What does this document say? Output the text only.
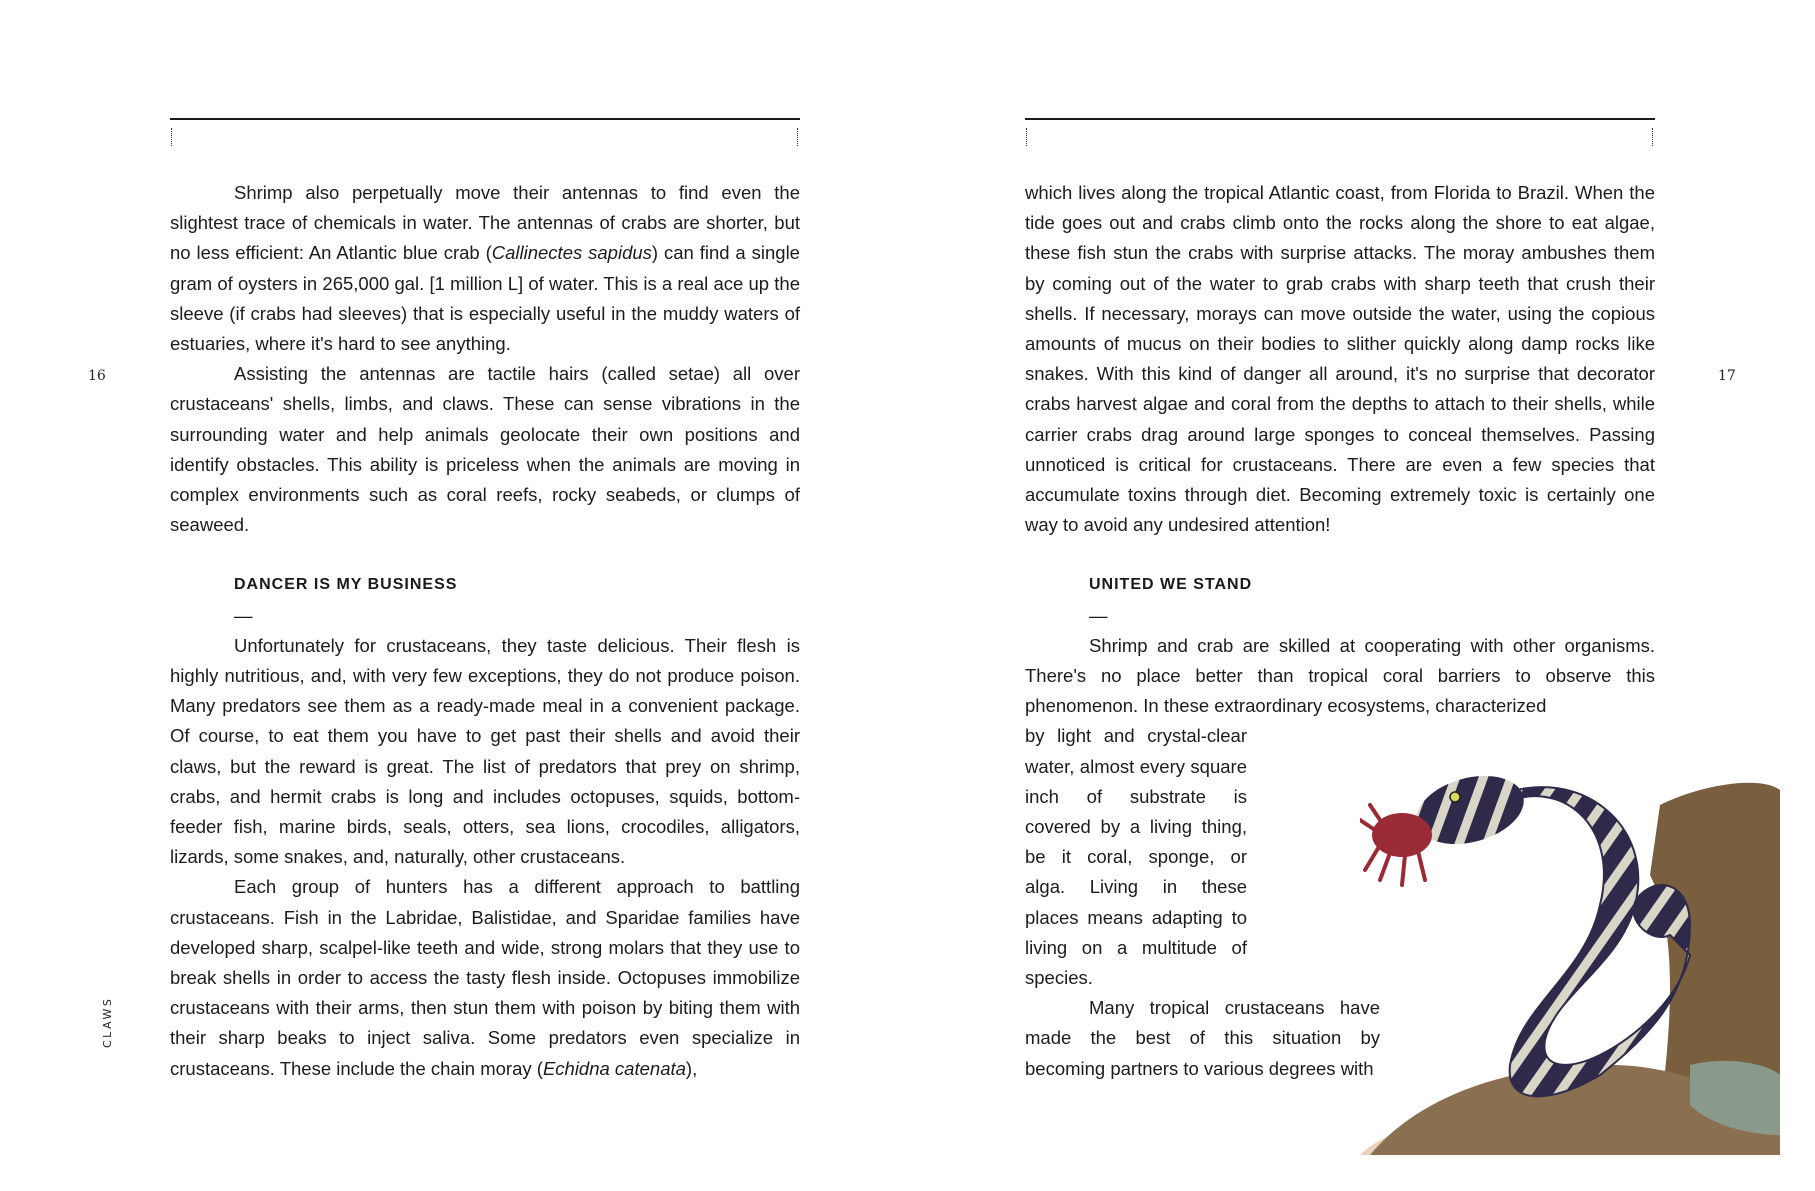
16
CLAWS

Shrimp also perpetually move their antennas to find even the slightest trace of chemicals in water. The antennas of crabs are shorter, but no less efficient: An Atlantic blue crab (Callinectes sapidus) can find a single gram of oysters in 265,000 gal. [1 million L] of water. This is a real ace up the sleeve (if crabs had sleeves) that is especially useful in the muddy waters of estuaries, where it's hard to see anything.

Assisting the antennas are tactile hairs (called setae) all over crustaceans' shells, limbs, and claws. These can sense vibrations in the surrounding water and help animals geolocate their own positions and identify obstacles. This ability is priceless when the animals are moving in complex environments such as coral reefs, rocky seabeds, or clumps of seaweed.

DANCER IS MY BUSINESS
—

Unfortunately for crustaceans, they taste delicious. Their flesh is highly nutritious, and, with very few exceptions, they do not produce poison. Many predators see them as a ready-made meal in a convenient package. Of course, to eat them you have to get past their shells and avoid their claws, but the reward is great. The list of predators that prey on shrimp, crabs, and hermit crabs is long and includes octopuses, squids, bottom-feeder fish, marine birds, seals, otters, sea lions, crocodiles, alligators, lizards, some snakes, and, naturally, other crustaceans.

Each group of hunters has a different approach to battling crustaceans. Fish in the Labridae, Balistidae, and Sparidae families have developed sharp, scalpel-like teeth and wide, strong molars that they use to break shells in order to access the tasty flesh inside. Octopuses immobilize crustaceans with their arms, then stun them with poison by biting them with their sharp beaks to inject saliva. Some predators even specialize in crustaceans. These include the chain moray (Echidna catenata),

17

which lives along the tropical Atlantic coast, from Florida to Brazil. When the tide goes out and crabs climb onto the rocks along the shore to eat algae, these fish stun the crabs with surprise attacks. The moray ambushes them by coming out of the water to grab crabs with sharp teeth that crush their shells. If necessary, morays can move outside the water, using the copious amounts of mucus on their bodies to slither quickly along damp rocks like snakes. With this kind of danger all around, it's no surprise that decorator crabs harvest algae and coral from the depths to attach to their shells, while carrier crabs drag around large sponges to conceal themselves. Passing unnoticed is critical for crustaceans. There are even a few species that accumulate toxins through diet. Becoming extremely toxic is certainly one way to avoid any undesired attention!

UNITED WE STAND
—

Shrimp and crab are skilled at cooperating with other organisms. There's no place better than tropical coral barriers to observe this phenomenon. In these extraordinary ecosystems, characterized

by light and crystal-clear water, almost every square inch of substrate is covered by a living thing, be it coral, sponge, or alga. Living in these places means adapting to living on a multitude of species.

Many tropical crustaceans have made the best of this situation by becoming partners to various degrees with
